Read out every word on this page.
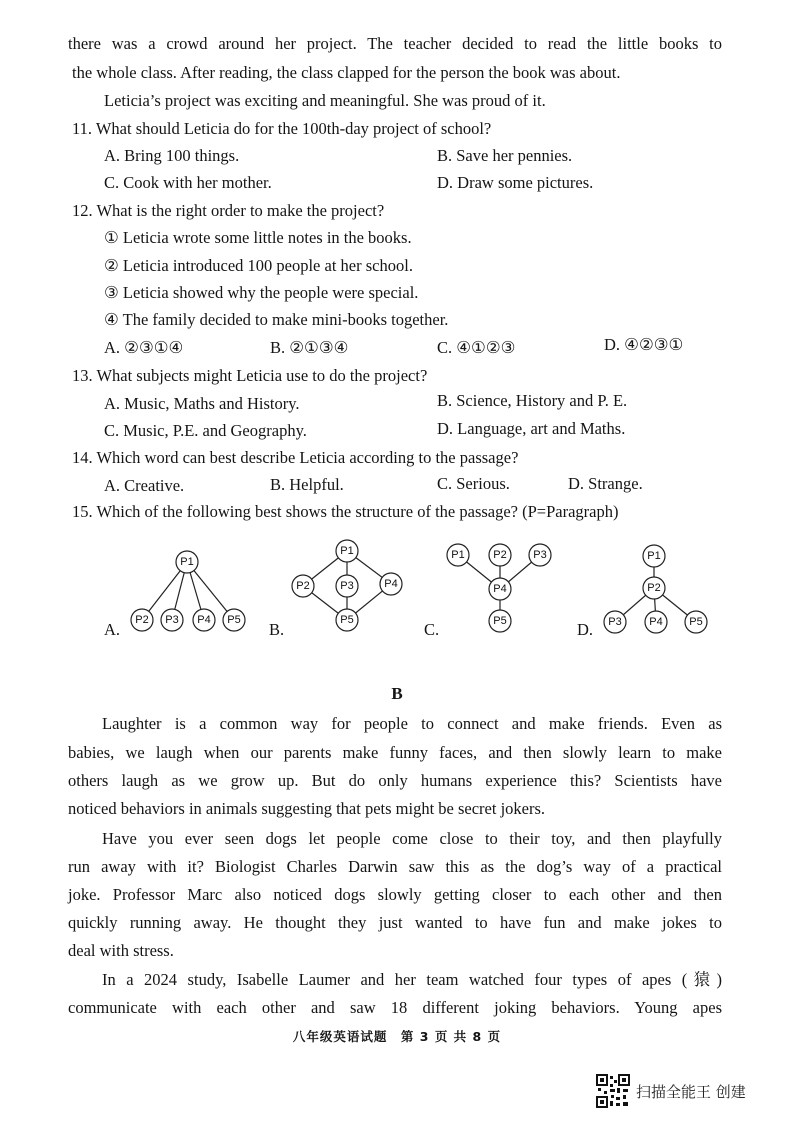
there was a crowd around her project. The teacher decided to read the little books to
the whole class. After reading, the class clapped for the person the book was about.
Leticia’s project was exciting and meaningful. She was proud of it.
11. What should Leticia do for the 100th-day project of school?
A. Bring 100 things.	B. Save her pennies.
C. Cook with her mother.	D. Draw some pictures.
12. What is the right order to make the project?
① Leticia wrote some little notes in the books.
② Leticia introduced 100 people at her school.
③ Leticia showed why the people were special.
④ The family decided to make mini-books together.
A. ②③①④	B. ②①③④	C. ④①②③	D. ④②③①
13. What subjects might Leticia use to do the project?
A. Music, Maths and History.	B. Science, History and P. E.
C. Music, P.E. and Geography.	D. Language, art and Maths.
14. Which word can best describe Leticia according to the passage?
A. Creative.	B. Helpful.	C. Serious.	D. Strange.
15. Which of the following best shows the structure of the passage? (P=Paragraph)
A.
P1
P2 P3 P4 P5 B.
P1
P2	P3	P4
P5	C.
P1	P2 P3
P4
P5	D.
P1
P2
P3	P4 P5
B
Laughter is a common way for people to connect and make friends. Even as
babies, we laugh when our parents make funny faces, and then slowly learn to make
others laugh as we grow up. But do only humans experience this? Scientists have
noticed behaviors in animals suggesting that pets might be secret jokers.
Have you ever seen dogs let people come close to their toy, and then playfully
run away with it? Biologist Charles Darwin saw this as the dog’s way of a practical
joke. Professor Marc also noticed dogs slowly getting closer to each other and then
quickly running away. He thought they just wanted to have fun and make jokes to
deal with stress.
In a 2024 study, Isabelle Laumer and her team watched four types of apes (猿)
communicate with each other and saw 18 different joking behaviors. Young apes
八年级英语试题　第 3 页 共 8 页
扫描全能王 创建
